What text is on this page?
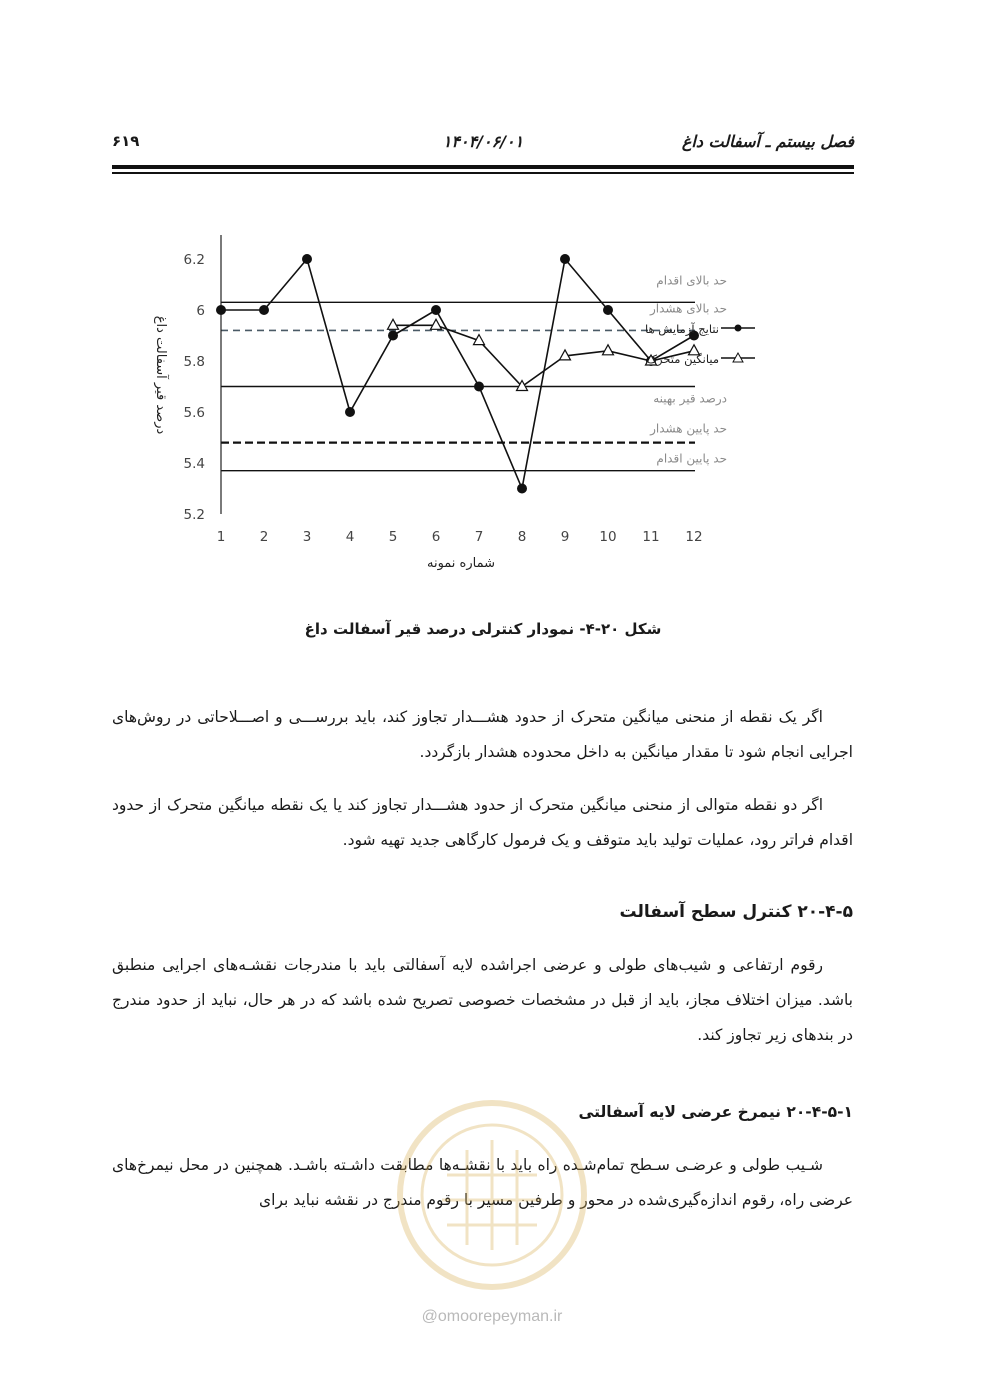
فصل بیستم ـ آسفالت داغ
۱۴۰۴/۰۶/۰۱
۶۱۹
5.2
5.4
5.6
5.8
6
6.2
1	2	3	4	5	6	7	8	9 10 11 12
حد بالای اقدام
حد بالای هشدار
درصد قیر بهینه
حد پایین هشدار
حد پایین اقدام
نتایج آزمایش ها
میانگین متحرک
شماره نمونه
درصد قیر آسفالت داغ
شکل ۲۰-۴- نمودار کنترلی درصد قیر آسفالت داغ
اگر یک نقطه از منحنی میانگین متحرک از حدود هشـــدار تجاوز کند، باید بررســـی و اصـــلاحاتی در روش‌های اجرایی انجام شود تا مقدار میانگین به داخل محدوده هشدار بازگردد.
اگر دو نقطه متوالی از منحنی میانگین متحرک از حدود هشـــدار تجاوز کند یا یک نقطه میانگین متحرک از حدود اقدام فراتر رود، عملیات تولید باید متوقف و یک فرمول کارگاهی جدید تهیه شود.
۲۰-۴-۵ کنترل سطح آسفالت
رقوم ارتفاعی و شیب‌های طولی و عرضی اجراشده لایه آسفالتی باید با مندرجات نقشـه‌های اجرایی منطبق باشد. میزان اختلاف مجاز، باید از قبل در مشخصات خصوصی تصریح شده باشد که در هر حال، نباید از حدود مندرج در بندهای زیر تجاوز کند.
۲۰-۴-۵-۱ نیمرخ عرضی لایه آسفالتی
شـیب طولی و عرضـی سـطح تمام‌شـده راه باید با نقشـه‌ها مطابقت داشـته باشـد. همچنین در محل نیمرخ‌های عرضی راه، رقوم اندازه‌گیری‌شده در محور و طرفین مسیر با رقوم مندرج در نقشه نباید برای
@omoorepeyman.ir
